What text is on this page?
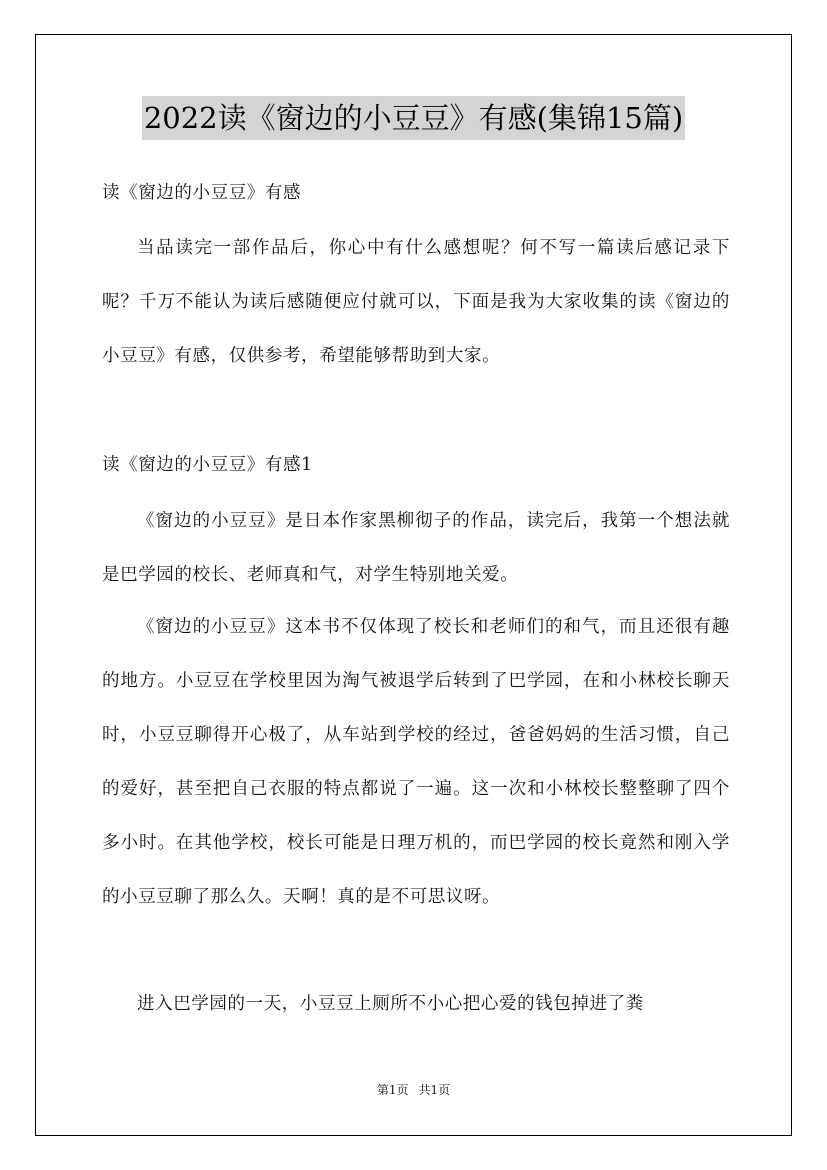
2022读《窗边的小豆豆》有感(集锦15篇)
读《窗边的小豆豆》有感
当品读完一部作品后，你心中有什么感想呢？何不写一篇读后感记录下呢？千万不能认为读后感随便应付就可以，下面是我为大家收集的读《窗边的小豆豆》有感，仅供参考，希望能够帮助到大家。
读《窗边的小豆豆》有感1
《窗边的小豆豆》是日本作家黑柳彻子的作品，读完后，我第一个想法就是巴学园的校长、老师真和气，对学生特别地关爱。
《窗边的小豆豆》这本书不仅体现了校长和老师们的和气，而且还很有趣的地方。小豆豆在学校里因为淘气被退学后转到了巴学园，在和小林校长聊天时，小豆豆聊得开心极了，从车站到学校的经过，爸爸妈妈的生活习惯，自己的爱好，甚至把自己衣服的特点都说了一遍。这一次和小林校长整整聊了四个多小时。在其他学校，校长可能是日理万机的，而巴学园的校长竟然和刚入学的小豆豆聊了那么久。天啊！真的是不可思议呀。
进入巴学园的一天，小豆豆上厕所不小心把心爱的钱包掉进了粪
第1页 共1页
